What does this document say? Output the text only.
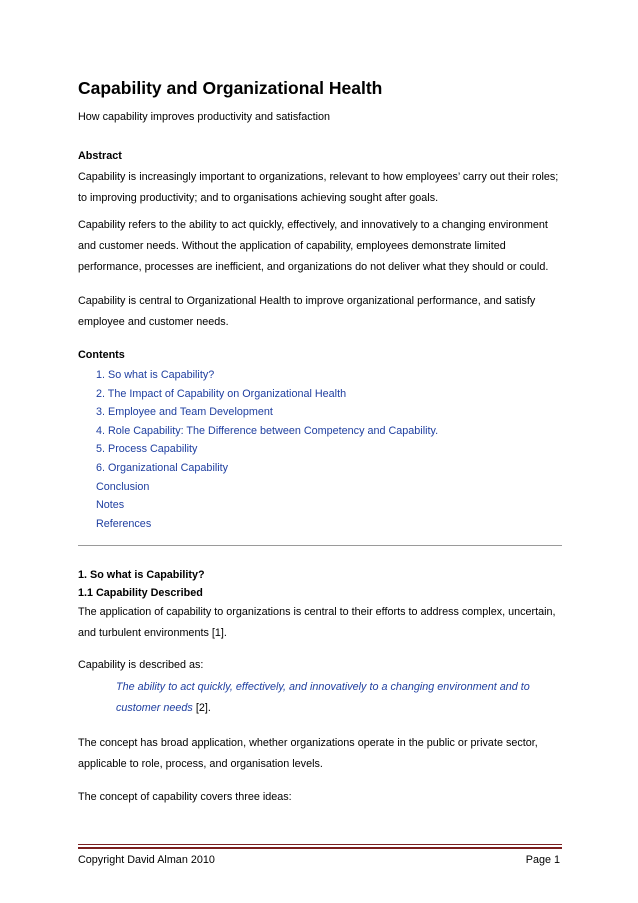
Capability and Organizational Health
How capability improves productivity and satisfaction

Abstract

Capability is increasingly important to organizations, relevant to how employees’ carry out their roles;

to improving productivity; and to organisations achieving sought after goals.

Capability refers to the ability to act quickly, effectively, and innovatively to a changing environment

and customer needs. Without the application of capability, employees demonstrate limited

performance, processes are inefficient, and organizations do not deliver what they should or could.

Capability is central to Organizational Health to improve organizational performance, and satisfy

employee and customer needs.

Contents

1. So what is Capability?
2. The Impact of Capability on Organizational Health
3. Employee and Team Development
4. Role Capability: The Difference between Competency and Capability.
5. Process Capability
6. Organizational Capability
Conclusion
Notes
References

1. So what is Capability?

1.1 Capability Described

The application of capability to organizations is central to their efforts to address complex, uncertain,

and turbulent environments [1].

Capability is described as:

The ability to act quickly, effectively, and innovatively to a changing environment and to

customer needs [2].

The concept has broad application, whether organizations operate in the public or private sector,

applicable to role, process, and organisation levels.

The concept of capability covers three ideas:

Copyright David Alman 2010	Page 1
